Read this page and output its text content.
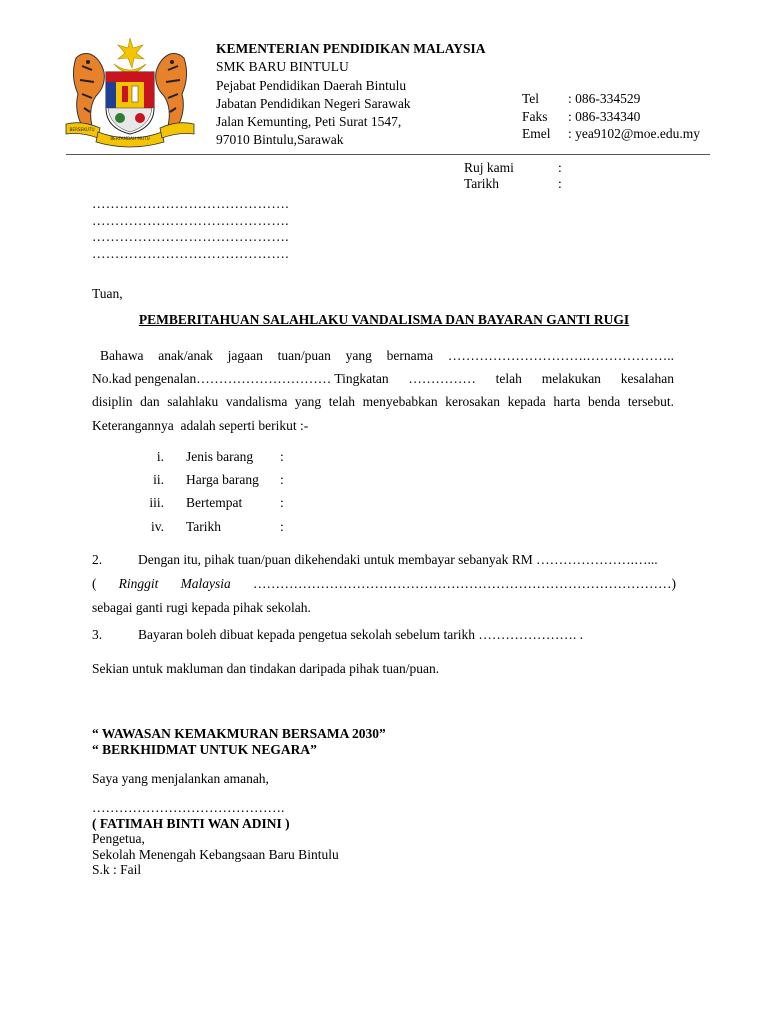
BERSEKUTU
BERTAMBAH MUTU
KEMENTERIAN PENDIDIKAN MALAYSIA
SMK BARU BINTULU
Pejabat Pendidikan Daerah Bintulu
Jabatan Pendidikan Negeri Sarawak
Jalan Kemunting, Peti Surat 1547,
97010 Bintulu,Sarawak
Tel : 086-334529
Faks : 086-334340
Emel : yea9102@moe.edu.my
Ruj kami	:
Tarikh	:
…………………………………….
…………………………………….
…………………………………….
…………………………………….
Tuan,
PEMBERITAHUAN SALAHLAKU VANDALISMA DAN BAYARAN GANTI RUGI
Bahawa anak/anak jagaan tuan/puan yang bernama ………………………….………………..
No.kad pengenalan………………………… Tingkatan …………… telah melakukan kesalahan
disiplin dan salahlaku vandalisma yang telah menyebabkan kerosakan kepada harta benda tersebut.
Keterangannya  adalah seperti berikut :-
i.	Jenis barang	:
ii.	Harga barang	:
iii.	Bertempat	:
iv.	Tarikh	:
2.	Dengan itu, pihak tuan/puan dikehendaki untuk membayar sebanyak RM ………………….…...
( Ringgit Malaysia …………………………………………………………………………………)
sebagai ganti rugi kepada pihak sekolah.
3.	Bayaran boleh dibuat kepada pengetua sekolah sebelum tarikh …………………. .
Sekian untuk makluman dan tindakan daripada pihak tuan/puan.
“ WAWASAN KEMAKMURAN BERSAMA 2030”
“ BERKHIDMAT UNTUK NEGARA”
Saya yang menjalankan amanah,
…………………………………….
( FATIMAH BINTI WAN ADINI )
Pengetua,
Sekolah Menengah Kebangsaan Baru Bintulu
S.k : Fail
